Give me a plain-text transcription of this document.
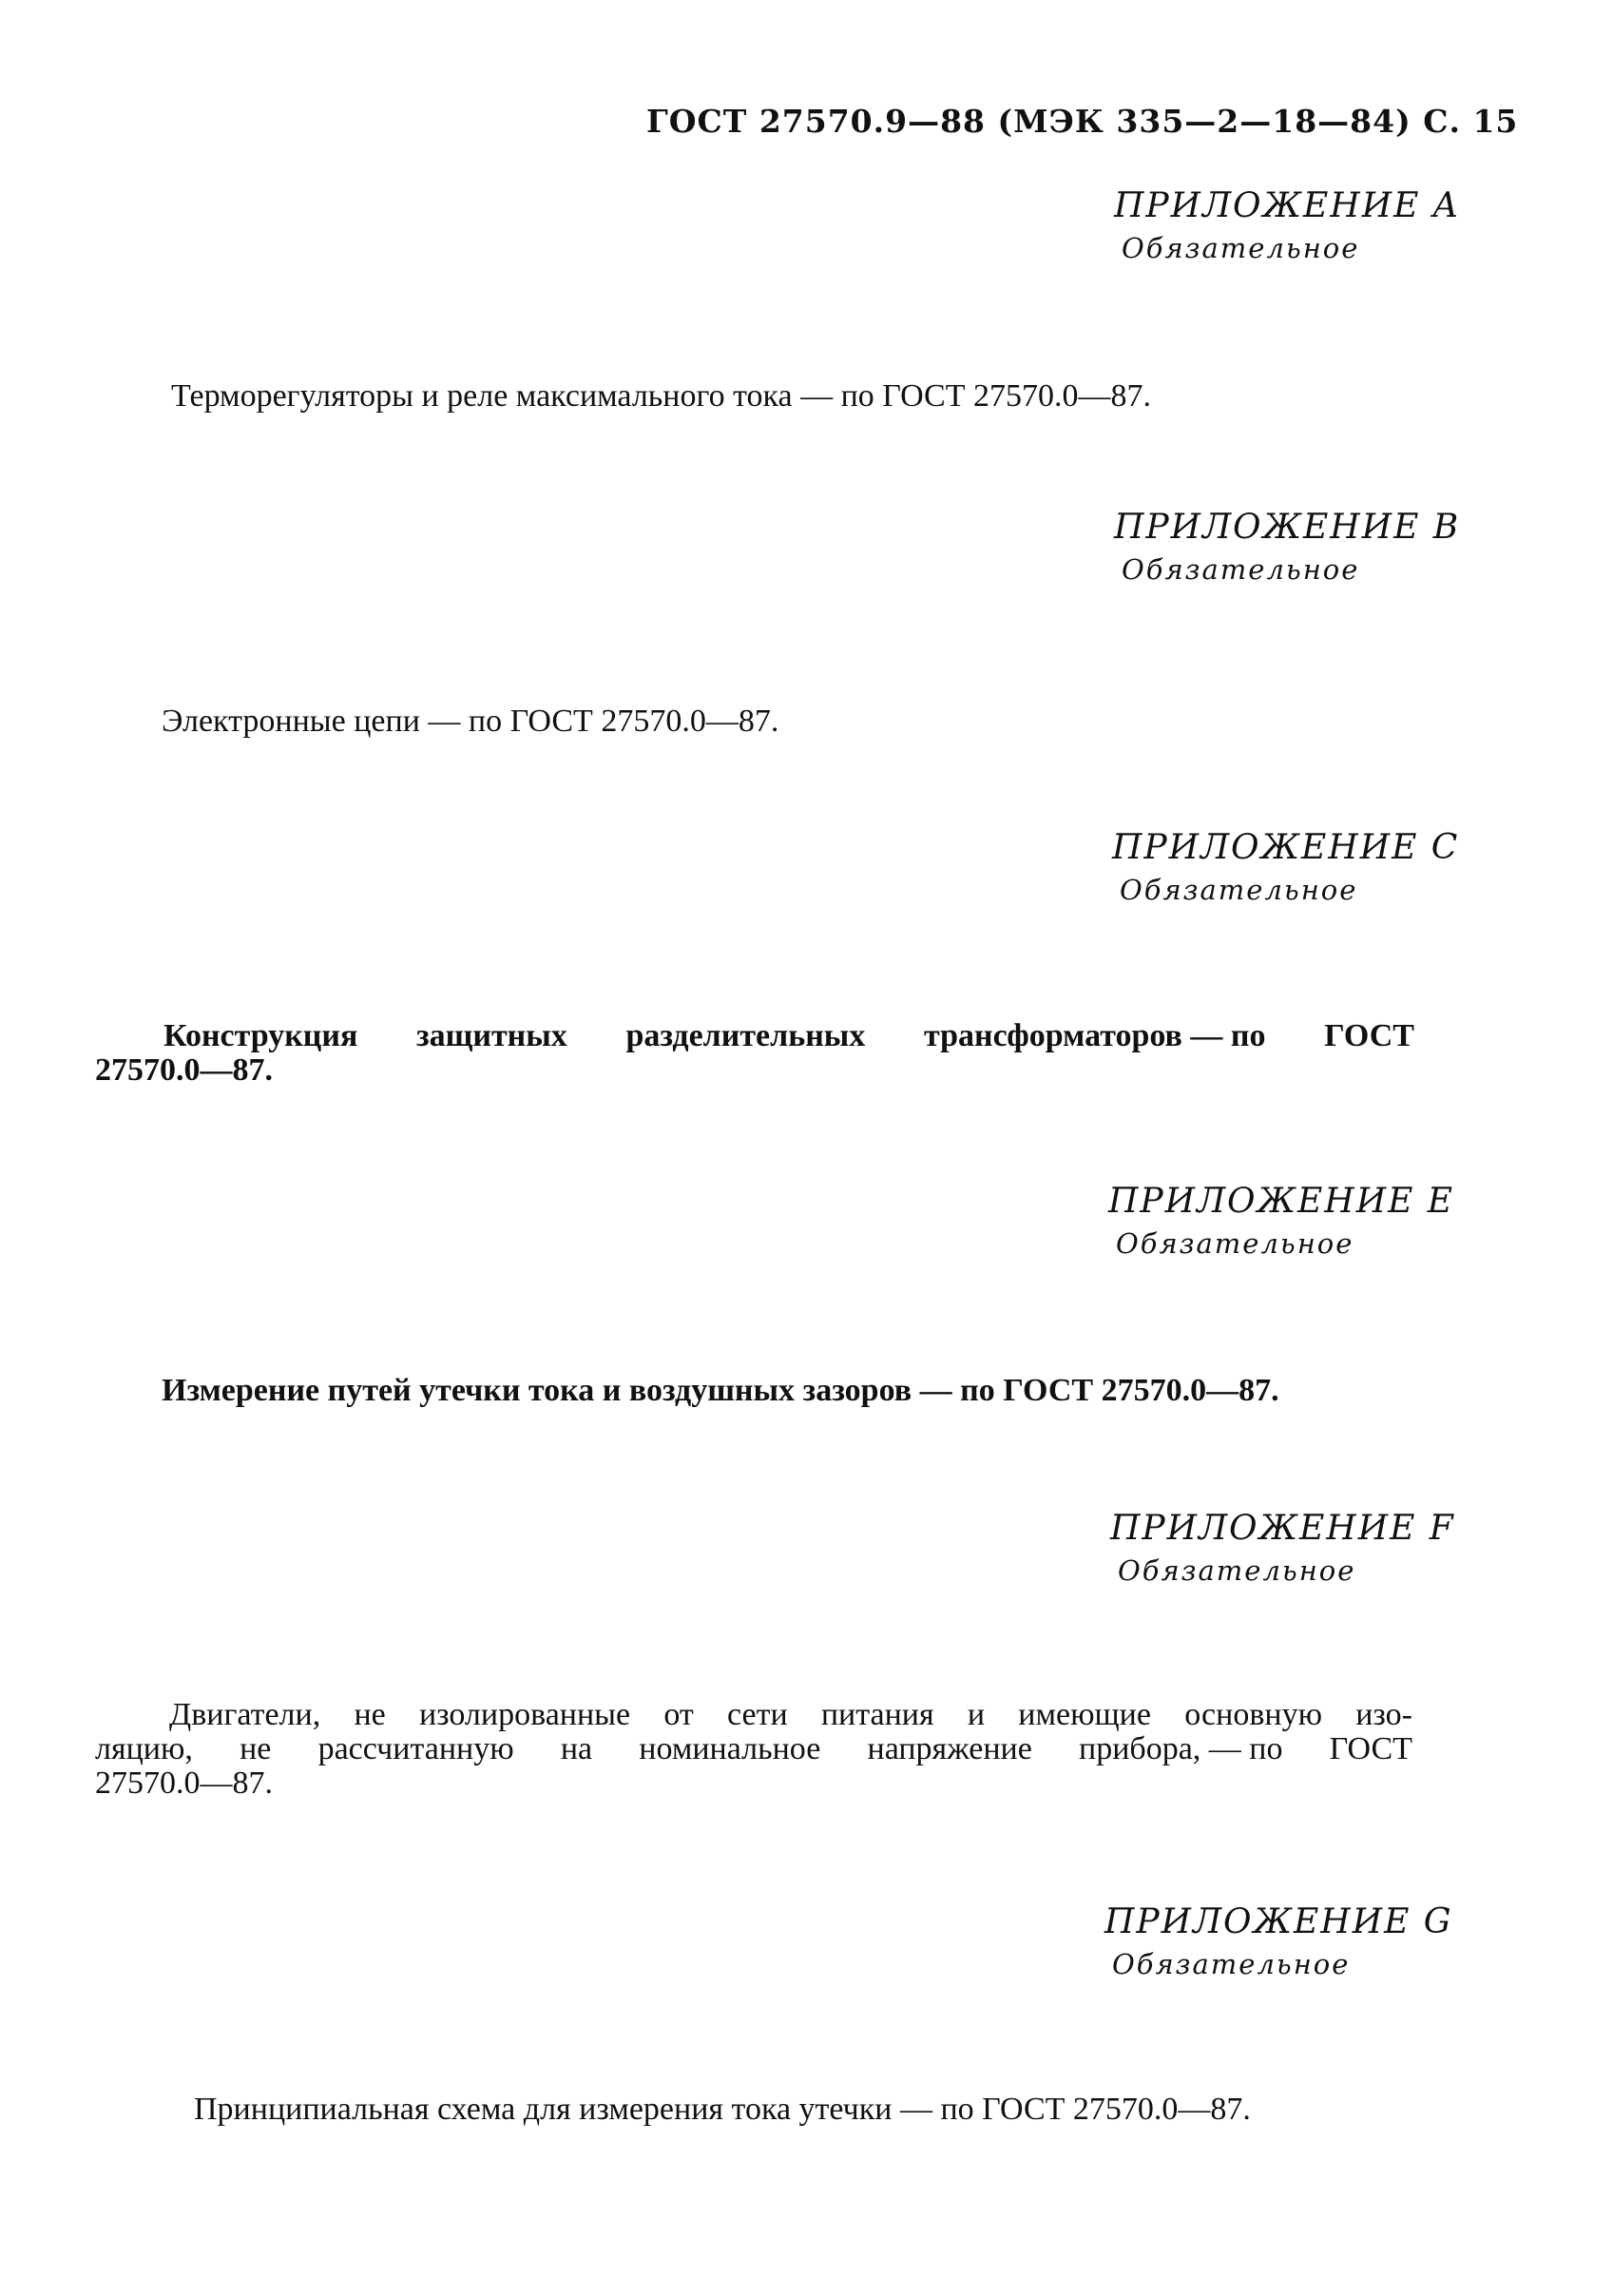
ГОСТ 27570.9—88 (МЭК 335—2—18—84) С. 15
ПРИЛОЖЕНИЕ A
Обязательное
Терморегуляторы и реле максимального тока — по ГОСТ 27570.0—87.
ПРИЛОЖЕНИЕ B
Обязательное
Электронные цепи — по ГОСТ 27570.0—87.
ПРИЛОЖЕНИЕ C
Обязательное
Конструкция защитных разделительных трансформаторов — по ГОСТ
27570.0—87.
ПРИЛОЖЕНИЕ E
Обязательное
Измерение путей утечки тока и воздушных зазоров — по ГОСТ 27570.0—87.
ПРИЛОЖЕНИЕ F
Обязательное
Двигатели, не изолированные от сети питания и имеющие основную изо-
ляцию, не рассчитанную на номинальное напряжение прибора, — по ГОСТ
27570.0—87.
ПРИЛОЖЕНИЕ G
Обязательное
Принципиальная схема для измерения тока утечки — по ГОСТ 27570.0—87.
